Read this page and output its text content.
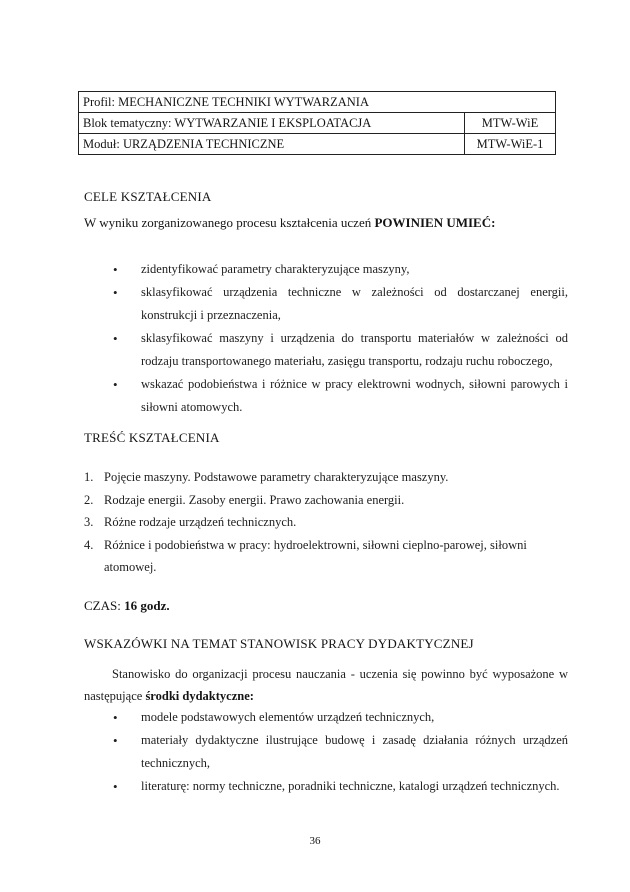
Profil: MECHANICZNE TECHNIKI WYTWARZANIA	
Blok tematyczny: WYTWARZANIE I EKSPLOATACJA	MTW-WiE
Moduł: URZĄDZENIA TECHNICZNE	MTW-WiE-1
CELE KSZTAŁCENIA
W wyniku zorganizowanego procesu kształcenia uczeń POWINIEN UMIEĆ:
• zidentyfikować parametry charakteryzujące maszyny,
• sklasyfikować urządzenia techniczne w zależności od dostarczanej energii, konstrukcji i przeznaczenia,
• sklasyfikować maszyny i urządzenia do transportu materiałów w zależności od rodzaju transportowanego materiału, zasięgu transportu, rodzaju ruchu roboczego,
• wskazać podobieństwa i różnice w pracy elektrowni wodnych, siłowni parowych i siłowni atomowych.
TREŚĆ KSZTAŁCENIA
1. Pojęcie maszyny. Podstawowe parametry charakteryzujące maszyny.
2. Rodzaje energii. Zasoby energii. Prawo zachowania energii.
3. Różne rodzaje urządzeń technicznych.
4. Różnice i podobieństwa w pracy: hydroelektrowni, siłowni cieplno-parowej, siłowni atomowej.
CZAS: 16 godz.
WSKAZÓWKI NA TEMAT STANOWISK PRACY DYDAKTYCZNEJ
Stanowisko do organizacji procesu nauczania - uczenia się powinno być wyposażone w następujące środki dydaktyczne:
• modele podstawowych elementów urządzeń technicznych,
• materiały dydaktyczne ilustrujące budowę i zasadę działania różnych urządzeń technicznych,
• literaturę: normy techniczne, poradniki techniczne, katalogi urządzeń technicznych.
36
